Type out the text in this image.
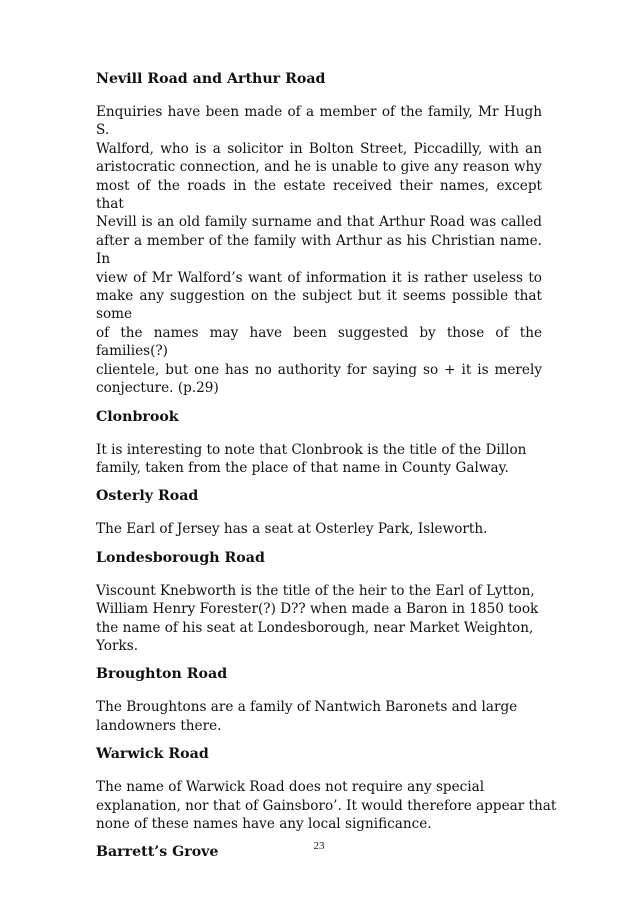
Nevill Road and Arthur Road
Enquiries have been made of a member of the family, Mr Hugh S.
Walford, who is a solicitor in Bolton Street, Piccadilly, with an
aristocratic connection, and he is unable to give any reason why
most of the roads in the estate received their names, except that
Nevill is an old family surname and that Arthur Road was called
after a member of the family with Arthur as his Christian name. In
view of Mr Walford’s want of information it is rather useless to
make any suggestion on the subject but it seems possible that some
of the names may have been suggested by those of the families(?)
clientele, but one has no authority for saying so + it is merely
conjecture. (p.29)
Clonbrook
It is interesting to note that Clonbrook is the title of the Dillon
family, taken from the place of that name in County Galway.
Osterly Road
The Earl of Jersey has a seat at Osterley Park, Isleworth.
Londesborough Road
Viscount Knebworth is the title of the heir to the Earl of Lytton,
William Henry Forester(?) D?? when made a Baron in 1850 took
the name of his seat at Londesborough, near Market Weighton,
Yorks.
Broughton Road
The Broughtons are a family of Nantwich Baronets and large
landowners there.
Warwick Road
The name of Warwick Road does not require any special
explanation, nor that of Gainsboro’. It would therefore appear that
none of these names have any local significance.
Barrett’s Grove	23
